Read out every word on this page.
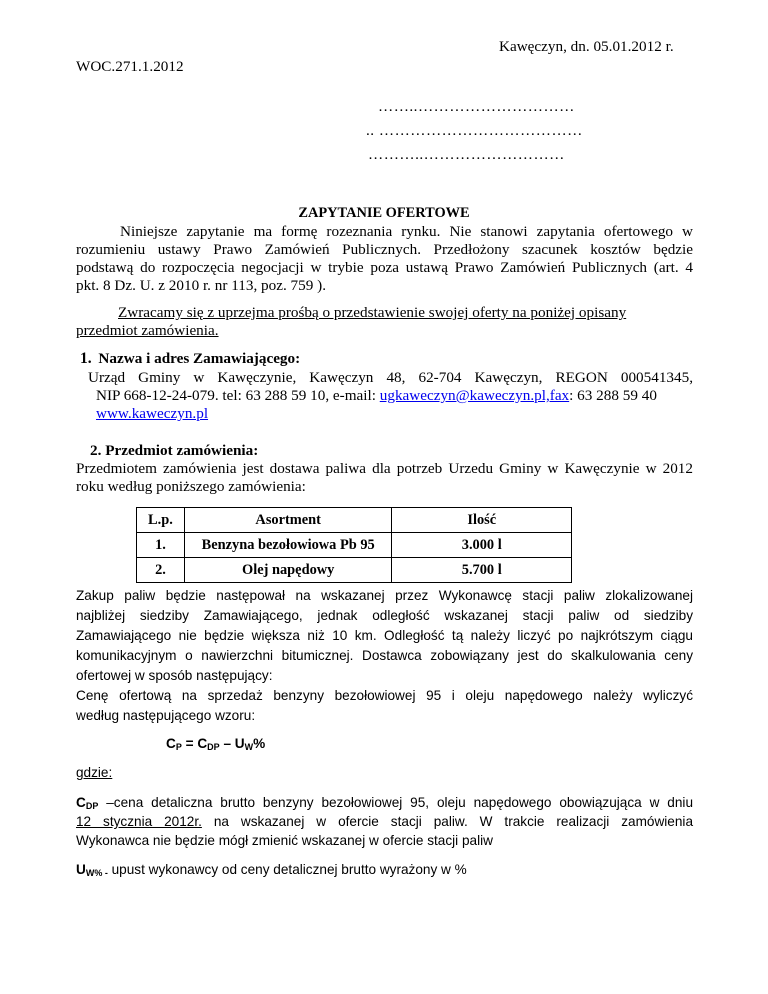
Kawęczyn, dn. 05.01.2012 r.
WOC.271.1.2012
……..…………………………
.. …………………………………
………..………………………
ZAPYTANIE OFERTOWE
Niniejsze zapytanie ma formę rozeznania rynku. Nie stanowi zapytania ofertowego w
rozumieniu ustawy Prawo Zamówień Publicznych. Przedłożony szacunek kosztów będzie
podstawą do rozpoczęcia negocjacji w trybie poza ustawą Prawo Zamówień Publicznych (art. 4
pkt. 8 Dz. U. z 2010 r. nr 113, poz. 759 ).
Zwracamy się z uprzejma prośbą o przedstawienie swojej oferty na poniżej opisany
przedmiot zamówienia.
1. Nazwa i adres Zamawiającego:
Urząd Gminy w Kawęczynie, Kawęczyn 48, 62-704 Kawęczyn, REGON 000541345,
NIP 668-12-24-079. tel: 63 288 59 10, e-mail: ugkaweczyn@kaweczyn.pl,fax: 63 288 59 40
www.kaweczyn.pl
2. Przedmiot zamówienia:
Przedmiotem zamówienia jest dostawa paliwa dla potrzeb Urzedu Gminy w Kawęczynie w 2012
roku według poniższego zamówienia:
L.p.	Asortment	Ilość
1.	Benzyna bezołowiowa Pb 95	3.000 l
2.	Olej napędowy	5.700 l
Zakup paliw będzie następował na wskazanej przez Wykonawcę stacji paliw zlokalizowanej
najbliżej siedziby Zamawiającego, jednak odległość wskazanej stacji paliw od siedziby
Zamawiającego nie będzie większa niż 10 km. Odległość tą należy liczyć po najkrótszym ciągu
komunikacyjnym o nawierzchni bitumicznej. Dostawca zobowiązany jest do skalkulowania ceny
ofertowej w sposób następujący:
Cenę ofertową na sprzedaż benzyny bezołowiowej 95 i oleju napędowego należy wyliczyć
według następującego wzoru:
$C_P = C_{DP} - U_W\%$
gdzie:
$C_{DP}$ –cena detaliczna brutto benzyny bezołowiowej 95, oleju napędowego obowiązująca w dniu
12 stycznia 2012r. na wskazanej w ofercie stacji paliw. W trakcie realizacji zamówienia
Wykonawca nie będzie mógł zmienić wskazanej w ofercie stacji paliw
$U_{W\% -}$ upust wykonawcy od ceny detalicznej brutto wyrażony w %
